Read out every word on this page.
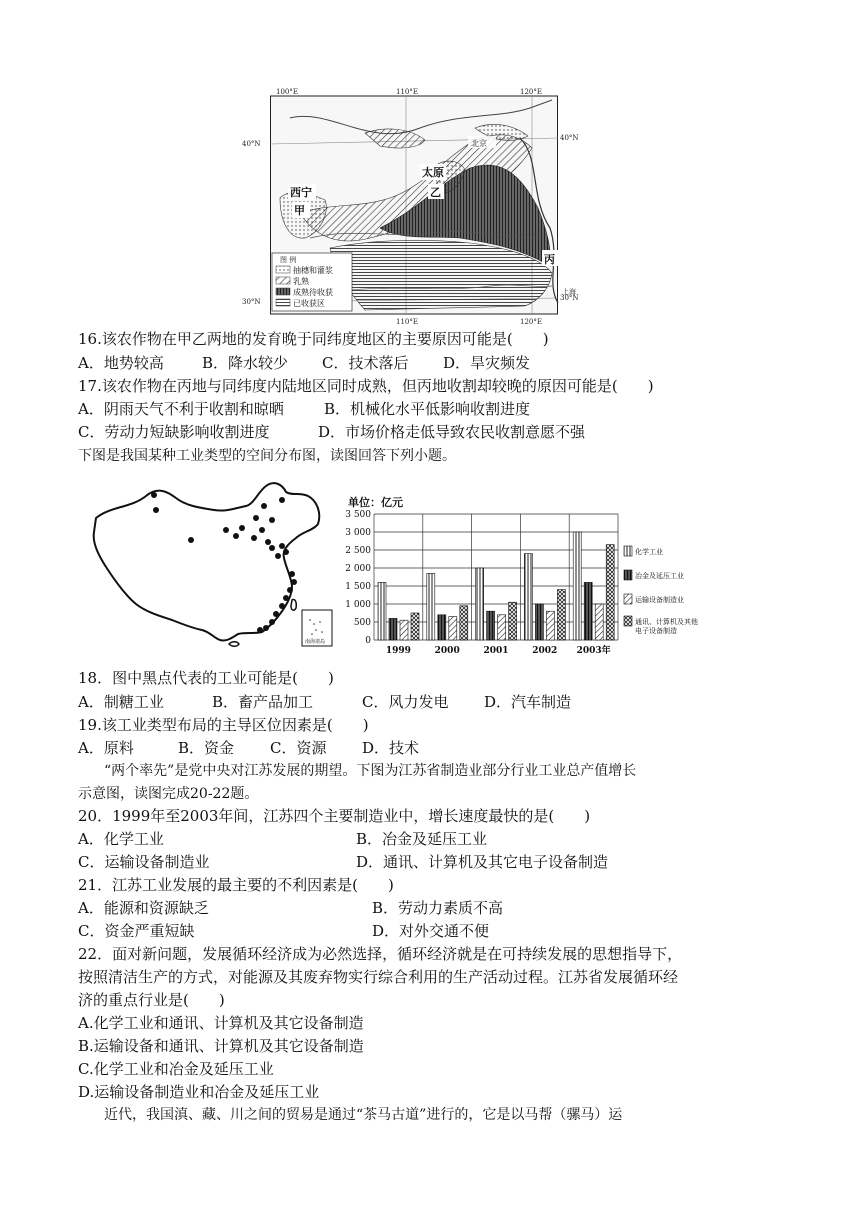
100°E	110°E	120°E
110°E	120°E
40°N
40°N
30°N	30°N
北京
太原
西宁
甲
乙
丙
上海
图 例
抽穗和灌浆
乳熟
成熟待收获
已收获区
16.该农作物在甲乙两地的发育晚于同纬度地区的主要原因可能是(　　)
A．地势较高	B．降水较少 C．技术落后 D．旱灾频发
17.该农作物在丙地与同纬度内陆地区同时成熟，但丙地收割却较晚的原因可能是(　　)
A．阴雨天气不利于收割和晾晒	B．机械化水平低影响收割进度
C．劳动力短缺影响收割进度	D．市场价格走低导致农民收割意愿不强
下图是我国某种工业类型的空间分布图，读图回答下列小题。
南海诸岛
单位：亿元
0
500
1 000
1 500
2 000
2 500
3 000
3 500
1999	2000	2001	2002 2003年
化学工业
冶金及延压工业
运输设备制造业
通讯、计算机及其他
电子设备制造
18．图中黑点代表的工业可能是(　　)
A．制糖工业	B．畜产品加工	C．风力发电 D．汽车制造
19.该工业类型布局的主导区位因素是(　　)
A．原料	B．资金 C．资源 D．技术
“两个率先”是党中央对江苏发展的期望。下图为江苏省制造业部分行业工业总产值增长
示意图，读图完成20-22题。
20．1999年至2003年间，江苏四个主要制造业中，增长速度最快的是(　　)
A．化学工业	B．冶金及延压工业
C．运输设备制造业	D．通讯、计算机及其它电子设备制造
21．江苏工业发展的最主要的不利因素是(　　)
A．能源和资源缺乏	B．劳动力素质不高
C．资金严重短缺	D．对外交通不便
22．面对新问题，发展循环经济成为必然选择，循环经济就是在可持续发展的思想指导下，
按照清洁生产的方式，对能源及其废弃物实行综合利用的生产活动过程。江苏省发展循环经
济的重点行业是(　　)
A.化学工业和通讯、计算机及其它设备制造
B.运输设备和通讯、计算机及其它设备制造
C.化学工业和冶金及延压工业
D.运输设备制造业和冶金及延压工业
近代，我国滇、藏、川之间的贸易是通过“茶马古道”进行的，它是以马帮（骡马）运
